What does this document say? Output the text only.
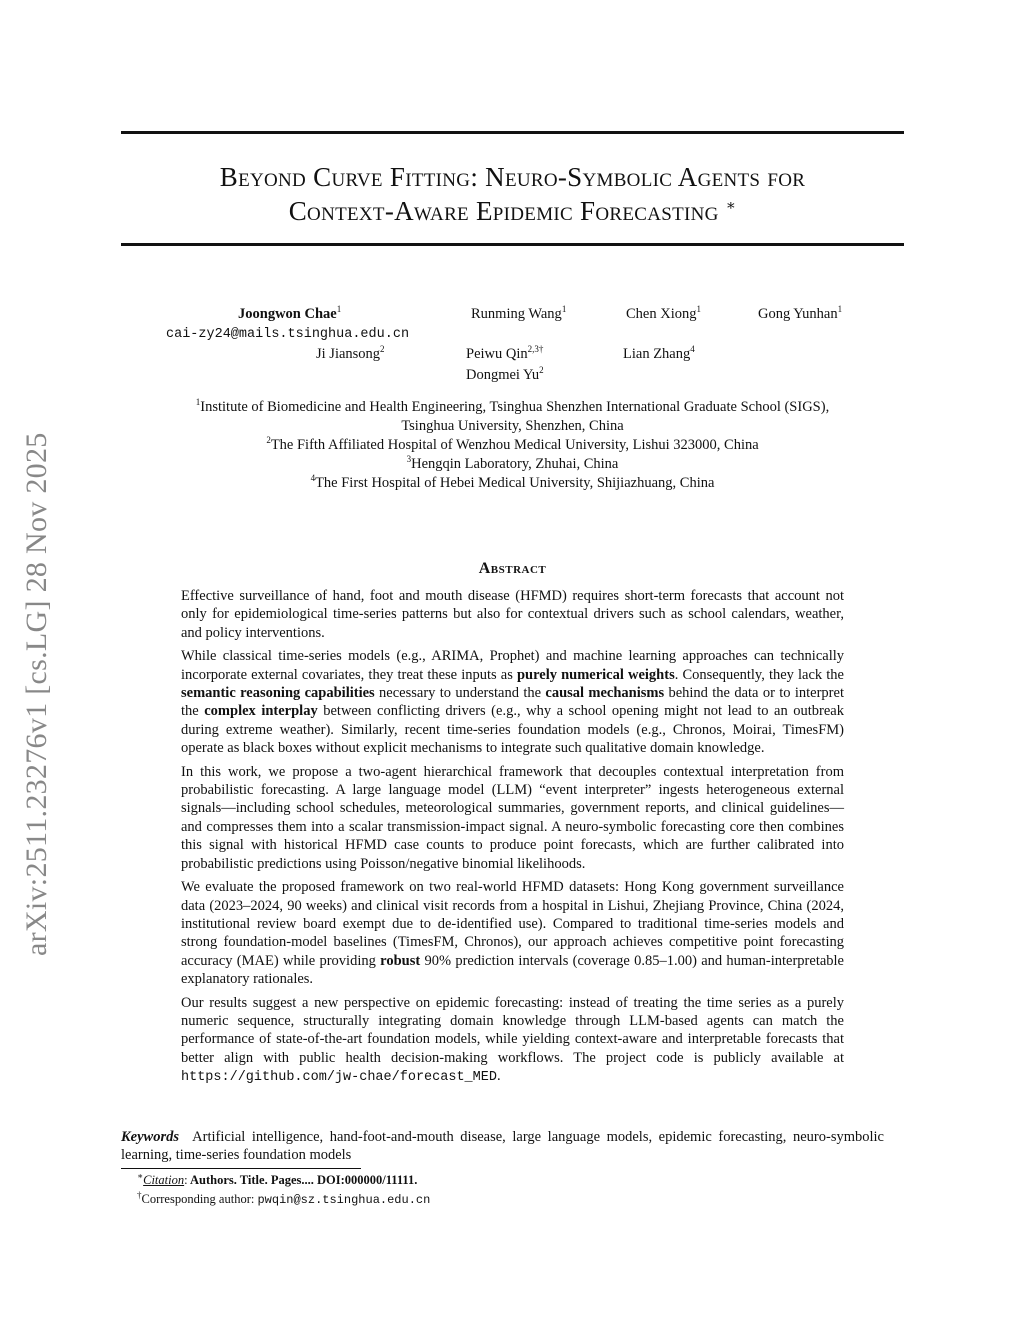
arXiv:2511.23276v1 [cs.LG] 28 Nov 2025
Beyond Curve Fitting: Neuro-Symbolic Agents for
Context-Aware Epidemic Forecasting ∗
Joongwon Chae$^1$
cai-zy24@mails.tsinghua.edu.cn
Runming Wang$^1$	Chen Xiong$^1$	Gong Yunhan$^1$
Ji Jiansong$^2$	Peiwu Qin$^{2,3\dagger}$	Lian Zhang$^4$
Dongmei Yu$^2$
$^1$Institute of Biomedicine and Health Engineering, Tsinghua Shenzhen International Graduate School (SIGS),
Tsinghua University, Shenzhen, China
$^2$The Fifth Affiliated Hospital of Wenzhou Medical University, Lishui 323000, China
$^3$Hengqin Laboratory, Zhuhai, China
$^4$The First Hospital of Hebei Medical University, Shijiazhuang, China
Abstract

Effective surveillance of hand, foot and mouth disease (HFMD) requires short-term forecasts that account not only for epidemiological time-series patterns but also for contextual drivers such as school calendars, weather, and policy interventions.

While classical time-series models (e.g., ARIMA, Prophet) and machine learning approaches can technically incorporate external covariates, they treat these inputs as purely numerical weights. Consequently, they lack the semantic reasoning capabilities necessary to understand the causal mechanisms behind the data or to interpret the complex interplay between conflicting drivers (e.g., why a school opening might not lead to an outbreak during extreme weather). Similarly, recent time-series foundation models (e.g., Chronos, Moirai, TimesFM) operate as black boxes without explicit mechanisms to integrate such qualitative domain knowledge.

In this work, we propose a two-agent hierarchical framework that decouples contextual interpretation from probabilistic forecasting. A large language model (LLM) “event interpreter” ingests heterogeneous external signals—including school schedules, meteorological summaries, government reports, and clinical guidelines—and compresses them into a scalar transmission-impact signal. A neuro-symbolic forecasting core then combines this signal with historical HFMD case counts to produce point forecasts, which are further calibrated into probabilistic predictions using Poisson/negative binomial likelihoods.

We evaluate the proposed framework on two real-world HFMD datasets: Hong Kong government surveillance data (2023–2024, 90 weeks) and clinical visit records from a hospital in Lishui, Zhejiang Province, China (2024, institutional review board exempt due to de-identified use). Compared to traditional time-series models and strong foundation-model baselines (TimesFM, Chronos), our approach achieves competitive point forecasting accuracy (MAE) while providing robust 90% prediction intervals (coverage 0.85–1.00) and human-interpretable explanatory rationales.

Our results suggest a new perspective on epidemic forecasting: instead of treating the time series as a purely numeric sequence, structurally integrating domain knowledge through LLM-based agents can match the performance of state-of-the-art foundation models, while yielding context-aware and interpretable forecasts that better align with public health decision-making workflows. The project code is publicly available at https://github.com/jw-chae/forecast_MED.

Keywords Artificial intelligence, hand-foot-and-mouth disease, large language models, epidemic forecasting, neuro-symbolic learning, time-series foundation models
∗Citation: Authors. Title. Pages.... DOI:000000/11111.
†Corresponding author: pwqin@sz.tsinghua.edu.cn
